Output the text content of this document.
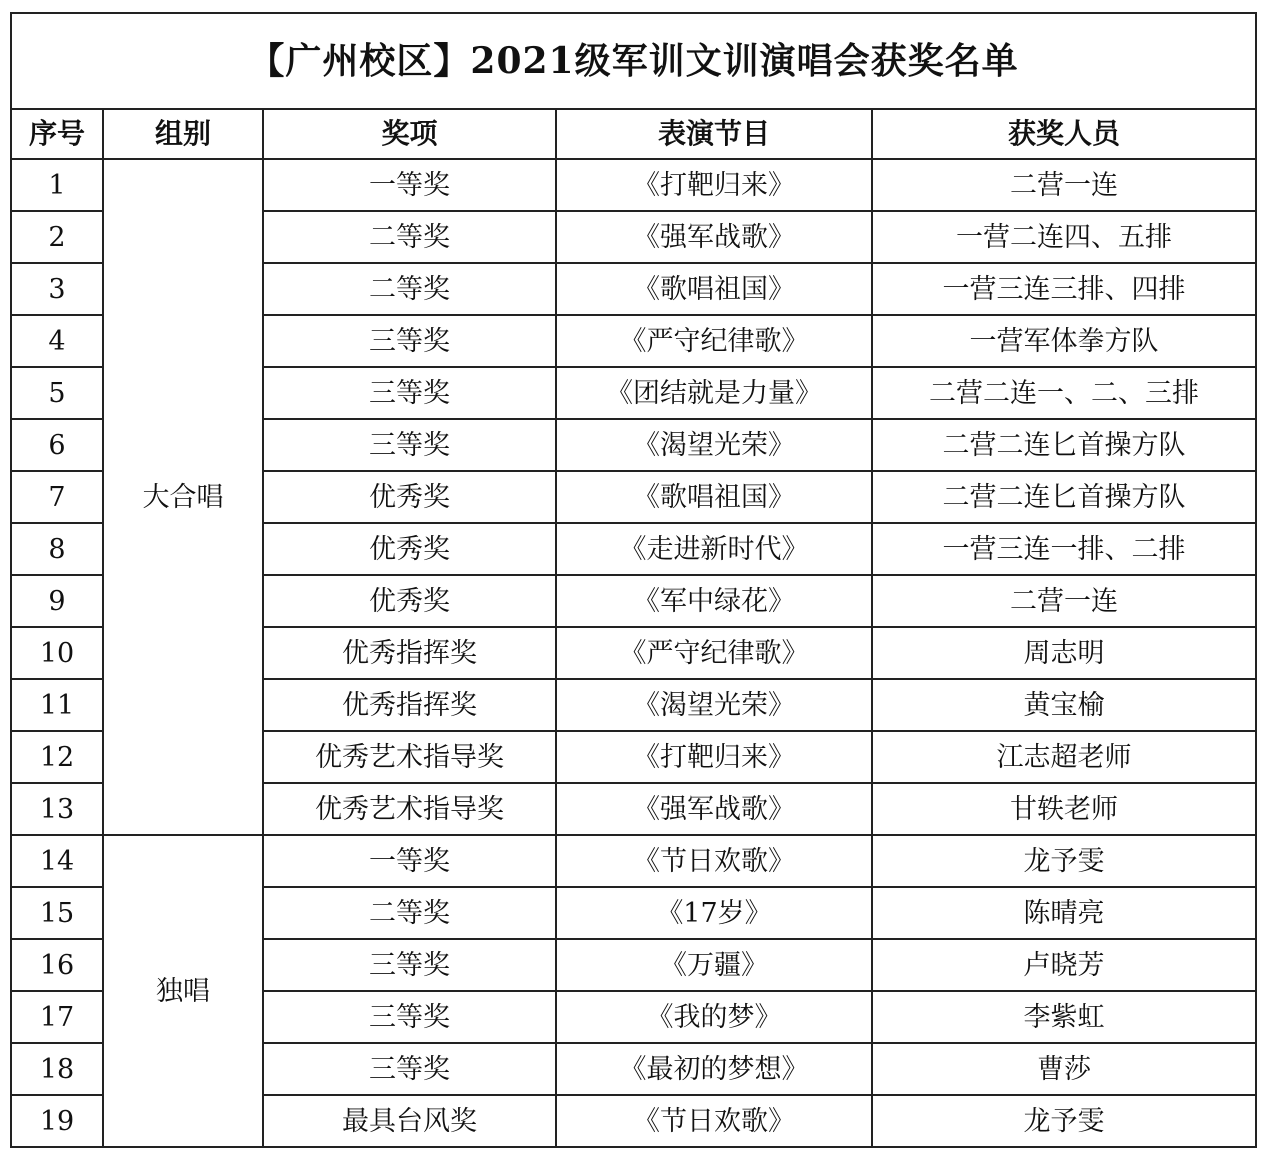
【广州校区】2021级军训文训演唱会获奖名单				
序号	组别	奖项	表演节目	获奖人员
1	大合唱	一等奖	《打靶归来》	二营一连
2		二等奖	《强军战歌》	一营二连四、五排
3		二等奖	《歌唱祖国》	一营三连三排、四排
4		三等奖	《严守纪律歌》	一营军体拳方队
5		三等奖	《团结就是力量》	二营二连一、二、三排
6		三等奖	《渴望光荣》	二营二连匕首操方队
7		优秀奖	《歌唱祖国》	二营二连匕首操方队
8		优秀奖	《走进新时代》	一营三连一排、二排
9		优秀奖	《军中绿花》	二营一连
10		优秀指挥奖	《严守纪律歌》	周志明
11		优秀指挥奖	《渴望光荣》	黄宝榆
12		优秀艺术指导奖	《打靶归来》	江志超老师
13		优秀艺术指导奖	《强军战歌》	甘轶老师
14	独唱	一等奖	《节日欢歌》	龙予雯
15		二等奖	《17岁》	陈晴亮
16		三等奖	《万疆》	卢晓芳
17		三等奖	《我的梦》	李紫虹
18		三等奖	《最初的梦想》	曹莎
19		最具台风奖	《节日欢歌》	龙予雯
